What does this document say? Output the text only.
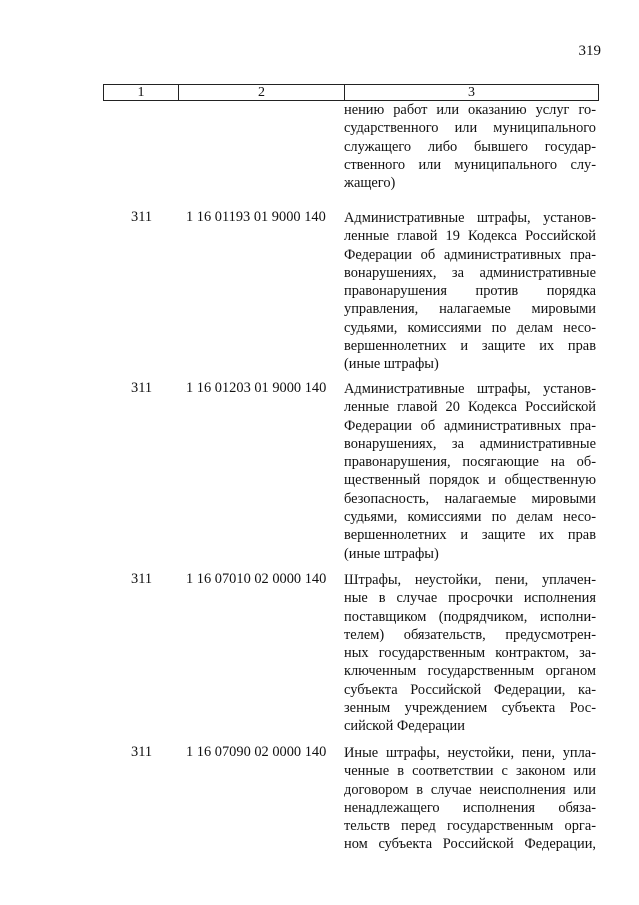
319
1	2	3
нению работ или оказанию услуг го-
сударственного или муниципального
служащего либо бывшего государ-
ственного или муниципального слу-
жащего)
311 1 16 01193 01 9000 140 Административные штрафы, установ-
ленные главой 19 Кодекса Российской
Федерации об административных пра-
вонарушениях, за административные
правонарушения против порядка
управления, налагаемые мировыми
судьями, комиссиями по делам несо-
вершеннолетних и защите их прав
(иные штрафы)
311 1 16 01203 01 9000 140 Административные штрафы, установ-
ленные главой 20 Кодекса Российской
Федерации об административных пра-
вонарушениях, за административные
правонарушения, посягающие на об-
щественный порядок и общественную
безопасность, налагаемые мировыми
судьями, комиссиями по делам несо-
вершеннолетних и защите их прав
(иные штрафы)
311 1 16 07010 02 0000 140 Штрафы, неустойки, пени, уплачен-
ные в случае просрочки исполнения
поставщиком (подрядчиком, исполни-
телем) обязательств, предусмотрен-
ных государственным контрактом, за-
ключенным государственным органом
субъекта Российской Федерации, ка-
зенным учреждением субъекта Рос-
сийской Федерации
311 1 16 07090 02 0000 140 Иные штрафы, неустойки, пени, упла-
ченные в соответствии с законом или
договором в случае неисполнения или
ненадлежащего исполнения обяза-
тельств перед государственным орга-
ном субъекта Российской Федерации,
